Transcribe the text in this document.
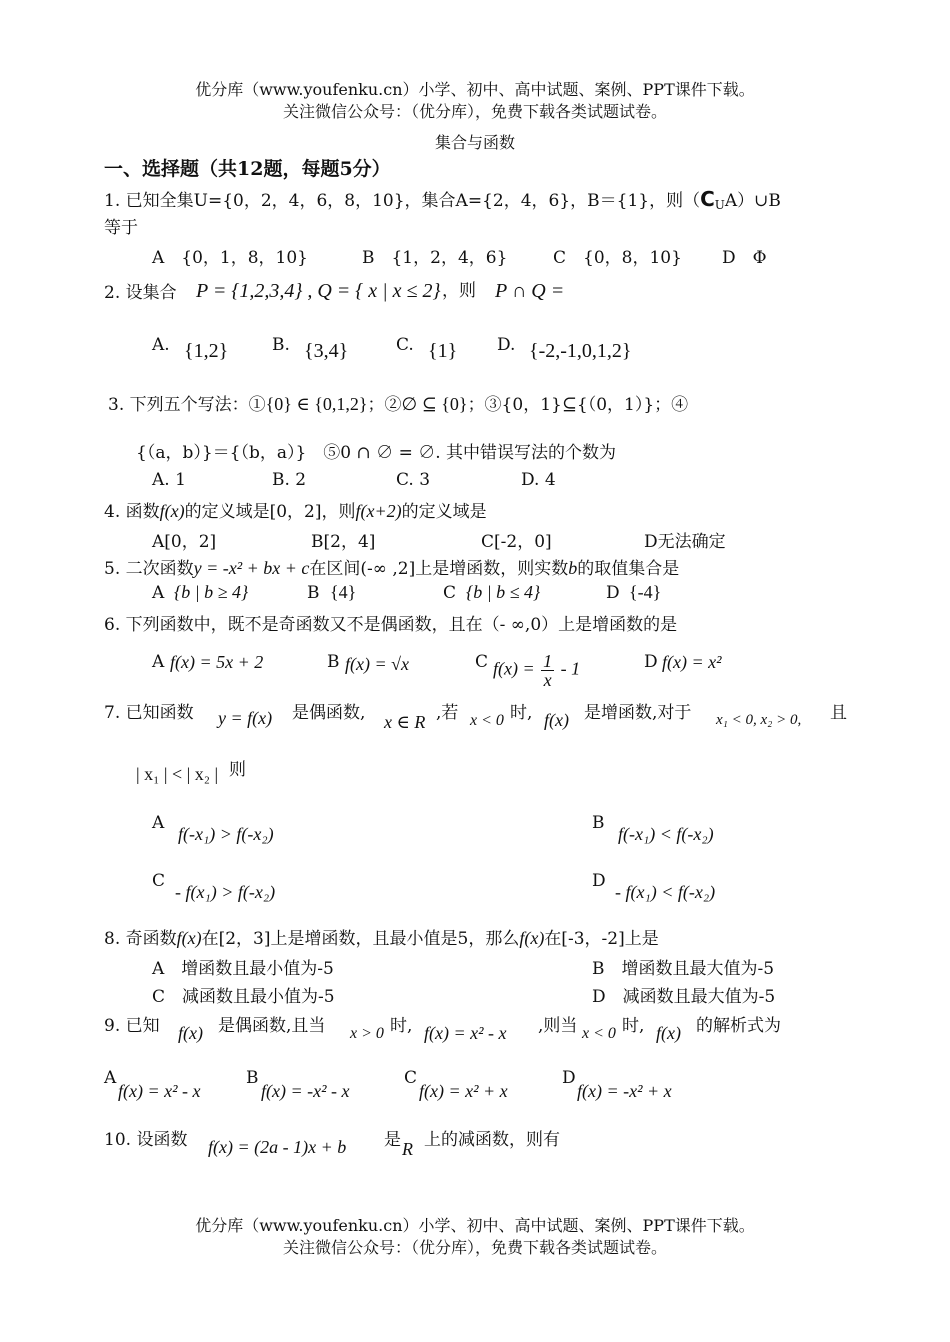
优分库（www.youfenku.cn）小学、初中、高中试题、案例、PPT课件下载。
关注微信公众号：（优分库），免费下载各类试题试卷。
集合与函数
一、选择题（共12题，每题5分）
1. 已知全集U={0，2，4，6，8，10}，集合A={2，4，6}，B＝{1}，则$(C_UA)\cup B$
等于
A　{0，1，8，10}	B　{1，2，4，6}	C　{0，8，10} D　Φ
2. 设集合 P = {1,2,3,4} , Q = { x | x ≤ 2} ，则 P ∩ Q =
A. {1,2}	B. {3,4}	C. {1} D. {-2,-1,0,1,2}
3. 下列五个写法：①{0} ∈ {0,1,2}；②∅ ⊆ {0}；③{0，1}⊆{（0，1）}；④
{（a，b）}＝{（b，a）}　⑤0 ∩ ∅ = ∅. 其中错误写法的个数为
A. 1	B. 2	C. 3	D. 4
4. 函数f(x)的定义域是[0，2]，则f(x+2)的定义域是
A[0，2]	B[2，4]	C[-2，0]	D无法确定
5. 二次函数y = -x² + bx + c在区间(-∞ ,2]上是增函数，则实数b的取值集合是
A {b | b ≥ 4}	B {4}	C {b | b ≤ 4}	D {-4}
6. 下列函数中，既不是奇函数又不是偶函数，且在（- ∞,0）上是增函数的是
A f(x) = 5x + 2	B f(x) = √x	C $f(x) = \frac{1}{x} - 1$	D f(x) = x²
7. 已知函数 y = f(x) 是偶函数, x ∈ R ,若 x < 0 时, f(x) 是增函数,对于 x₁ < 0, x₂ > 0, 且
| x₁ | < | x₂ | 则
A
f(-x₁) > f(-x₂)
B
f(-x₁) < f(-x₂)
C
- f(x₁) > f(-x₂)
D
- f(x₁) < f(-x₂)
8. 奇函数f(x)在[2，3]上是增函数，且最小值是5，那么f(x)在[-3，-2]上是
A　增函数且最小值为-5	B　增函数且最大值为-5
C　减函数且最小值为-5	D　减函数且最大值为-5
9. 已知 f(x) 是偶函数,且当 x > 0 时, f(x) = x² - x ,则当 x < 0 时, f(x) 的解析式为
A
f(x) = x² - x
B
f(x) = -x² - x
C
f(x) = x² + x
D
f(x) = -x² + x
10. 设函数 f(x) = (2a - 1)x + b 是 R 上的减函数，则有
优分库（www.youfenku.cn）小学、初中、高中试题、案例、PPT课件下载。
关注微信公众号：（优分库），免费下载各类试题试卷。
